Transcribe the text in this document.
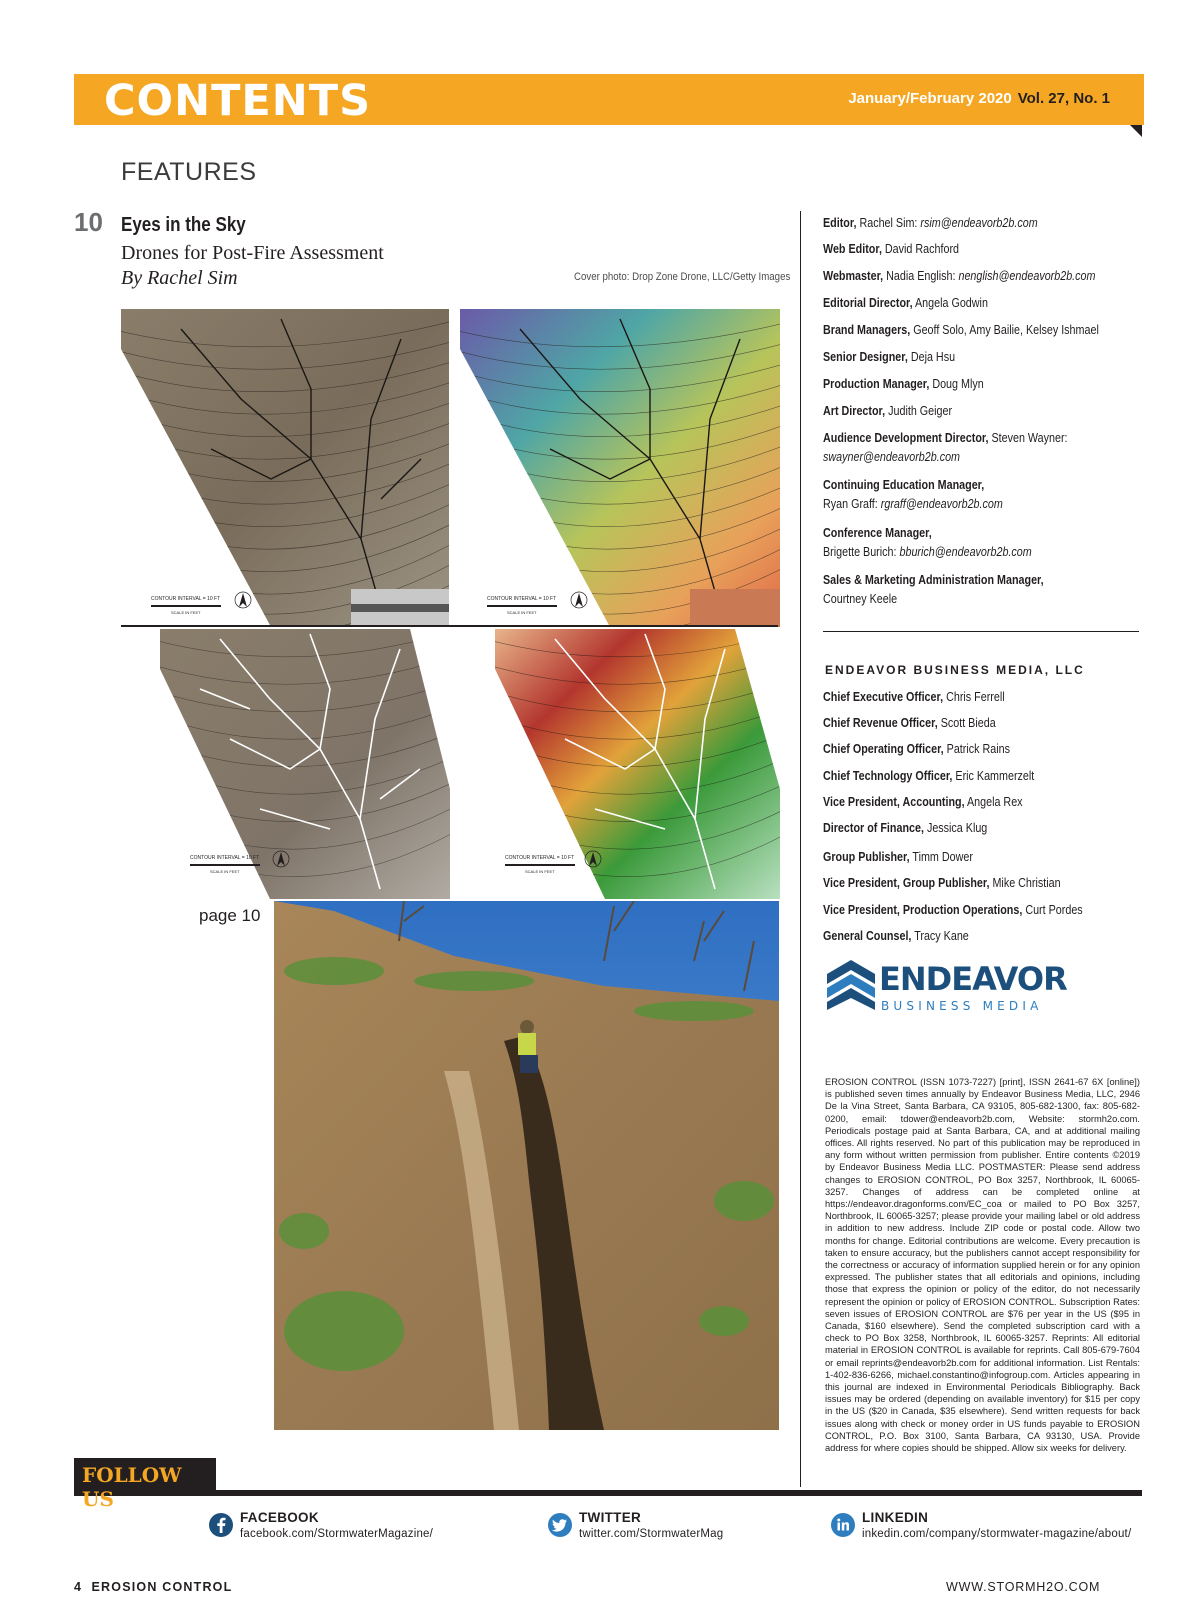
CONTENTS	January/February 2020 Vol. 27, No. 1
FEATURES
10 Eyes in the Sky
Drones for Post-Fire Assessment
By Rachel Sim	Cover photo: Drop Zone Drone, LLC/Getty Images
CONTOUR INTERVAL = 10 FT
SCALE IN FEET
CONTOUR INTERVAL = 10 FT
SCALE IN FEET
CONTOUR INTERVAL = 10 FT
SCALE IN FEET
CONTOUR INTERVAL = 10 FT
SCALE IN FEET
page 10
Editor, Rachel Sim: rsim@endeavorb2b.com
Web Editor, David Rachford
Webmaster, Nadia English: nenglish@endeavorb2b.com
Editorial Director, Angela Godwin
Brand Managers, Geoff Solo, Amy Bailie, Kelsey Ishmael
Senior Designer, Deja Hsu
Production Manager, Doug Mlyn
Art Director, Judith Geiger
Audience Development Director, Steven Wayner:
swayner@endeavorb2b.com
Continuing Education Manager,
Ryan Graff: rgraff@endeavorb2b.com
Conference Manager,
Brigette Burich: bburich@endeavorb2b.com
Sales & Marketing Administration Manager,
Courtney Keele
ENDEAVOR BUSINESS MEDIA, LLC
Chief Executive Officer, Chris Ferrell
Chief Revenue Officer, Scott Bieda
Chief Operating Officer, Patrick Rains
Chief Technology Officer, Eric Kammerzelt
Vice President, Accounting, Angela Rex
Director of Finance, Jessica Klug
Group Publisher, Timm Dower
Vice President, Group Publisher, Mike Christian
Vice President, Production Operations, Curt Pordes
General Counsel, Tracy Kane
ENDEAVOR
BUSINESS MEDIA
EROSION CONTROL (ISSN 1073-7227) [print], ISSN 2641-67 6X [online]) is published seven times annually by Endeavor Business Media, LLC, 2946 De la Vina Street, Santa Barbara, CA 93105, 805-682-1300, fax: 805-682-0200, email: tdower@endeavorb2b.com, Website: stormh2o.com. Periodicals postage paid at Santa Barbara, CA, and at additional mailing offices. All rights reserved. No part of this publication may be reproduced in any form without written permission from publisher. Entire contents ©2019 by Endeavor Business Media LLC. POSTMASTER: Please send address changes to EROSION CONTROL, PO Box 3257, Northbrook, IL 60065-3257. Changes of address can be completed online at https://endeavor.dragonforms.com/EC_coa or mailed to PO Box 3257, Northbrook, IL 60065-3257; please provide your mailing label or old address in addition to new address. Include ZIP code or postal code. Allow two months for change. Editorial contributions are welcome. Every precaution is taken to ensure accuracy, but the publishers cannot accept responsibility for the correctness or accuracy of information supplied herein or for any opinion expressed. The publisher states that all editorials and opinions, including those that express the opinion or policy of the editor, do not necessarily represent the opinion or policy of EROSION CONTROL. Subscription Rates: seven issues of EROSION CONTROL are $76 per year in the US ($95 in Canada, $160 elsewhere). Send the completed subscription card with a check to PO Box 3258, Northbrook, IL 60065-3257. Reprints: All editorial material in EROSION CONTROL is available for reprints. Call 805-679-7604 or email reprints@endeavorb2b.com for additional information. List Rentals: 1-402-836-6266, michael.constantino@infogroup.com. Articles appearing in this journal are indexed in Environmental Periodicals Bibliography. Back issues may be ordered (depending on available inventory) for $15 per copy in the US ($20 in Canada, $35 elsewhere). Send written requests for back issues along with check or money order in US funds payable to EROSION CONTROL, P.O. Box 3100, Santa Barbara, CA 93130, USA. Provide address for where copies should be shipped. Allow six weeks for delivery.
FOLLOW US
FACEBOOK
facebook.com/StormwaterMagazine/
TWITTER
twitter.com/StormwaterMag
LINKEDIN
inkedin.com/company/stormwater-magazine/about/
4 EROSION CONTROL	WWW.STORMH2O.COM
